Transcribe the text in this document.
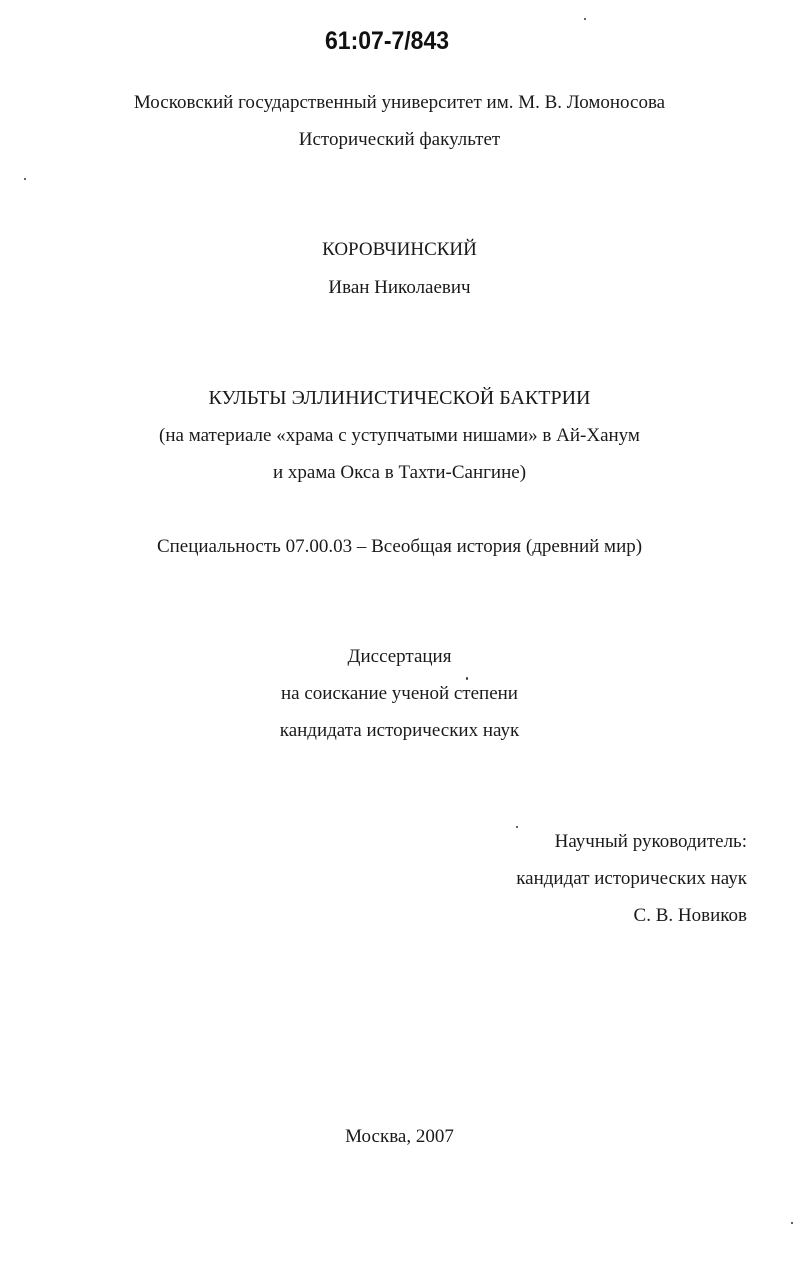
61:07-7/843
Московский государственный университет им. М. В. Ломоносова
Исторический факультет
КОРОВЧИНСКИЙ
Иван Николаевич
КУЛЬТЫ ЭЛЛИНИСТИЧЕСКОЙ БАКТРИИ
(на материале «храма с уступчатыми нишами» в Ай-Ханум
и храма Окса в Тахти-Сангине)
Специальность 07.00.03 – Всеобщая история (древний мир)
Диссертация
на соискание ученой степени
кандидата исторических наук
Научный руководитель:
кандидат исторических наук
С. В. Новиков
Москва, 2007
